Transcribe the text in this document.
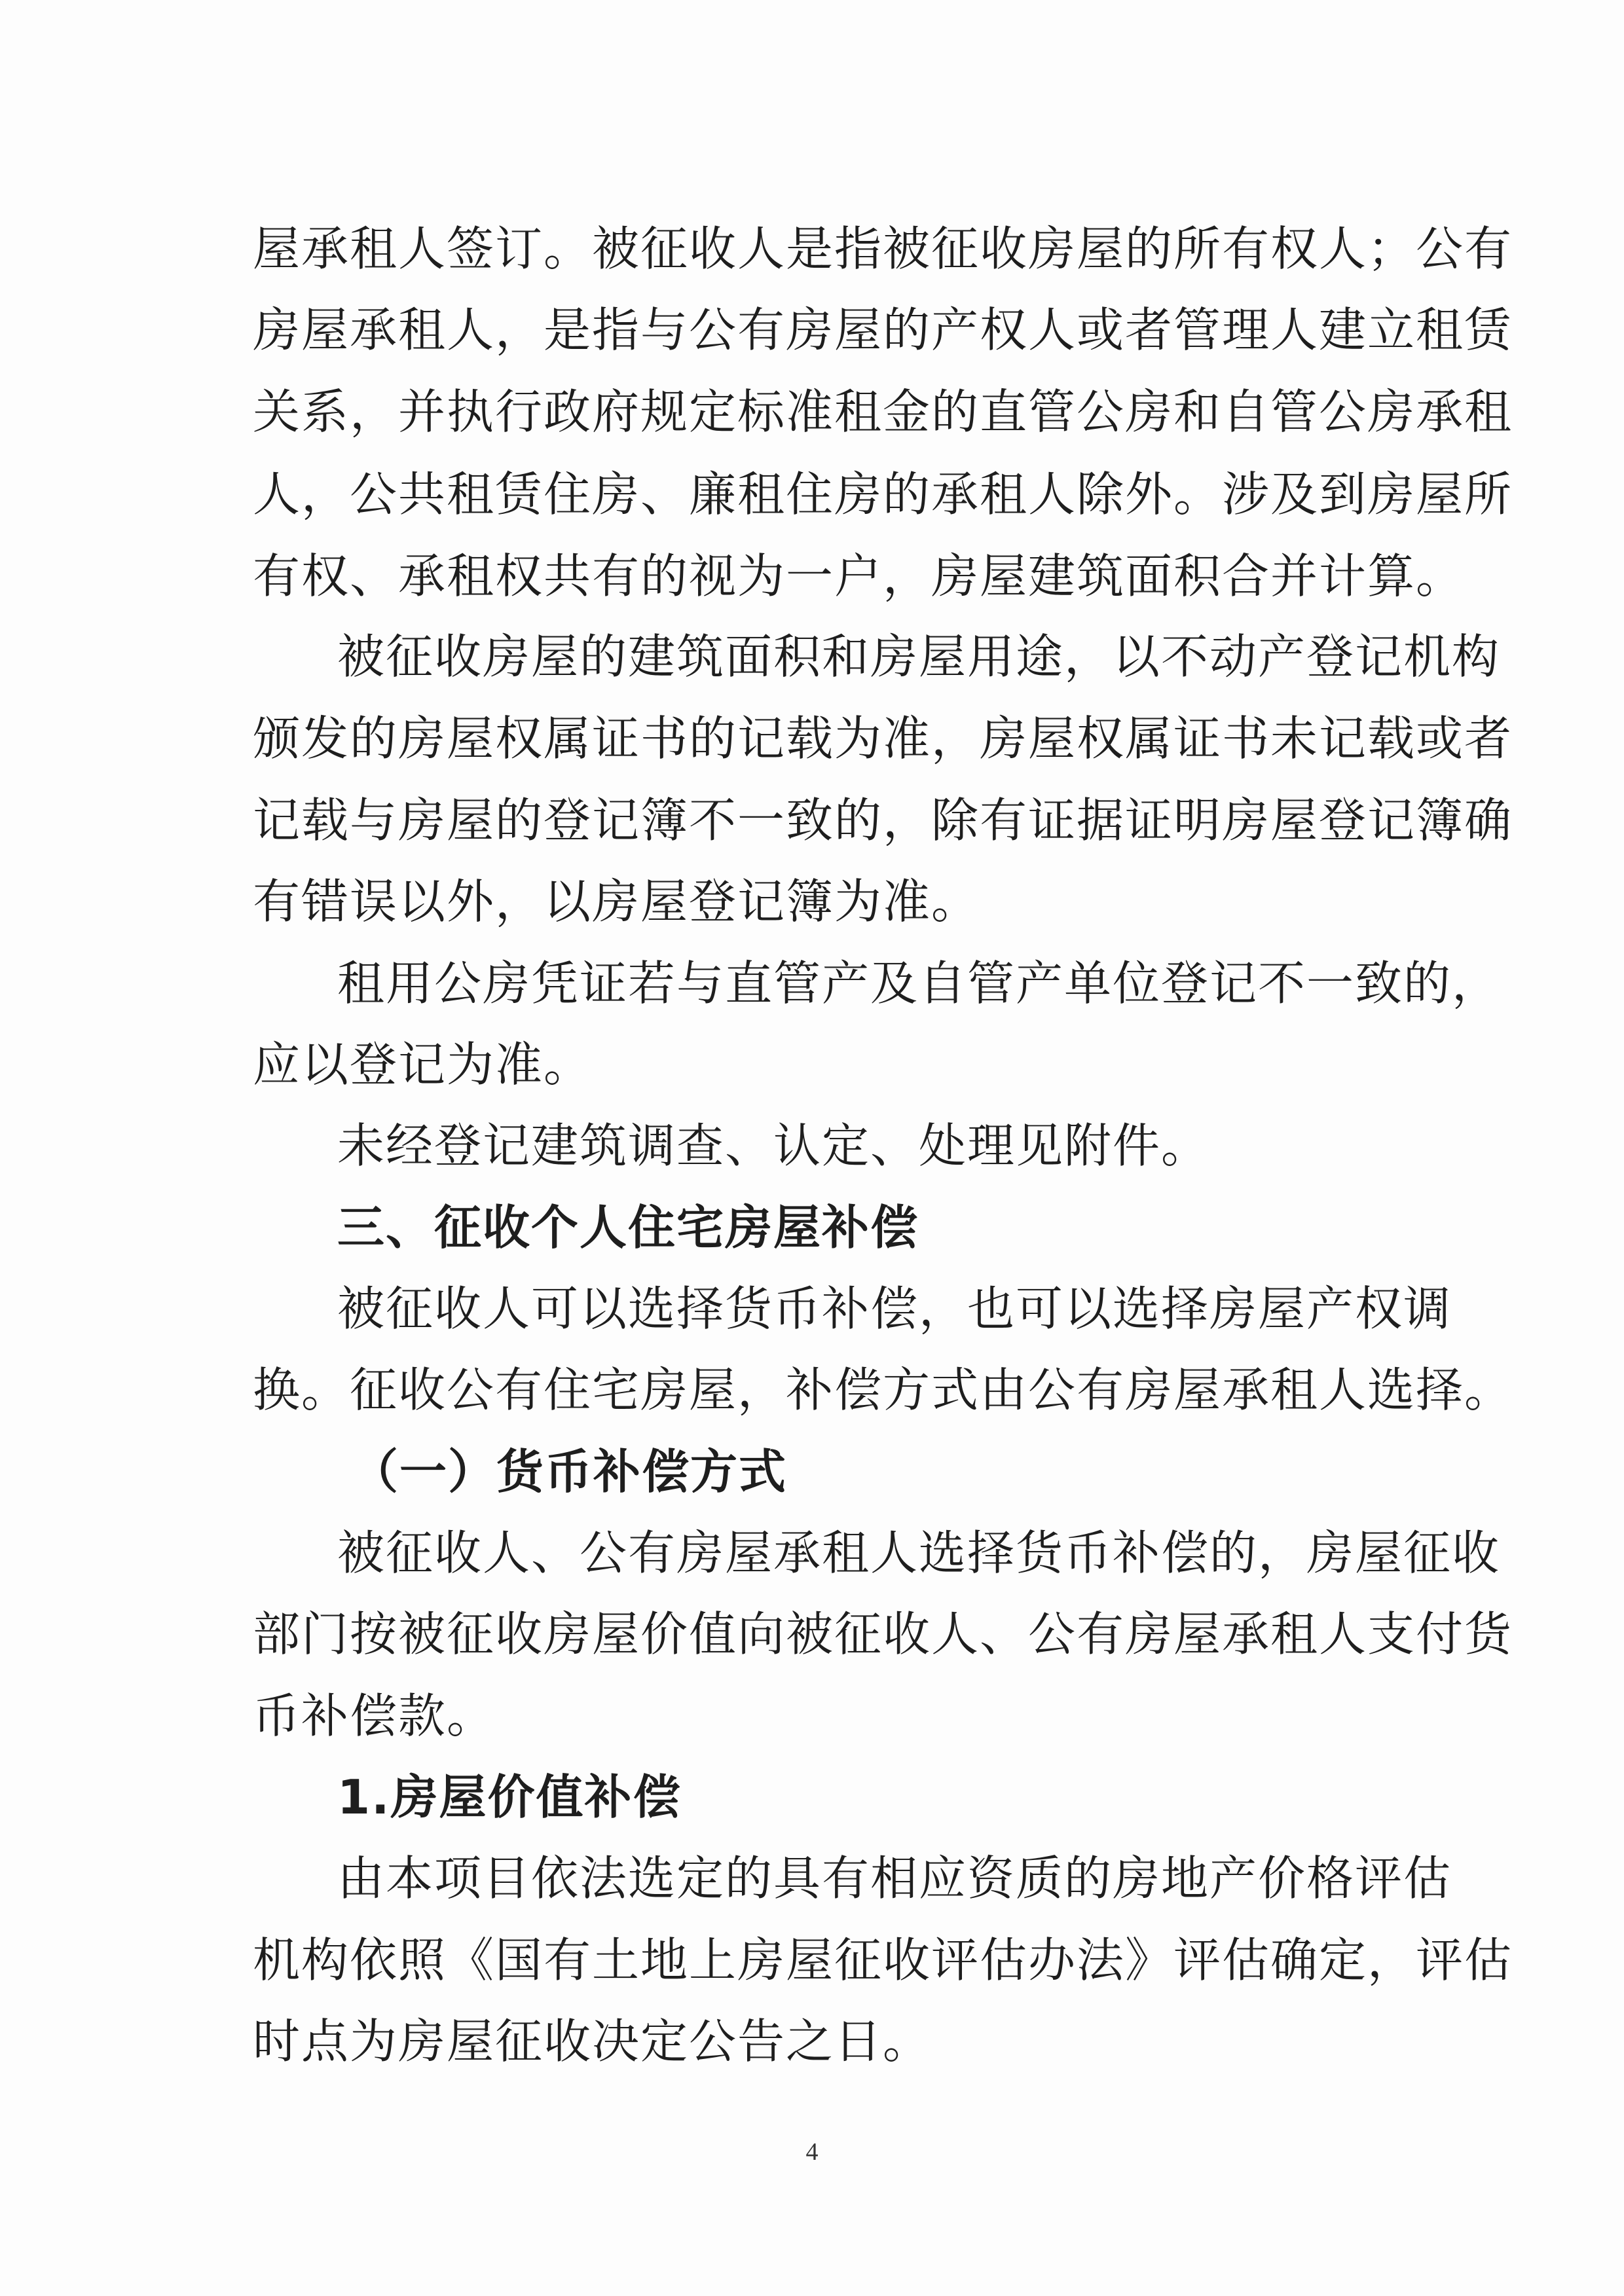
屋承租人签订。被征收人是指被征收房屋的所有权人；公有
房屋承租人，是指与公有房屋的产权人或者管理人建立租赁
关系，并执行政府规定标准租金的直管公房和自管公房承租
人，公共租赁住房、廉租住房的承租人除外。涉及到房屋所
有权、承租权共有的视为一户，房屋建筑面积合并计算。
被征收房屋的建筑面积和房屋用途，以不动产登记机构
颁发的房屋权属证书的记载为准，房屋权属证书未记载或者
记载与房屋的登记簿不一致的，除有证据证明房屋登记簿确
有错误以外，以房屋登记簿为准。
租用公房凭证若与直管产及自管产单位登记不一致的，
应以登记为准。
未经登记建筑调查、认定、处理见附件。
三、征收个人住宅房屋补偿
被征收人可以选择货币补偿，也可以选择房屋产权调
换。征收公有住宅房屋，补偿方式由公有房屋承租人选择。
（一）货币补偿方式
被征收人、公有房屋承租人选择货币补偿的，房屋征收
部门按被征收房屋价值向被征收人、公有房屋承租人支付货
币补偿款。
1.房屋价值补偿
由本项目依法选定的具有相应资质的房地产价格评估
机构依照《国有土地上房屋征收评估办法》评估确定，评估
时点为房屋征收决定公告之日。
4
